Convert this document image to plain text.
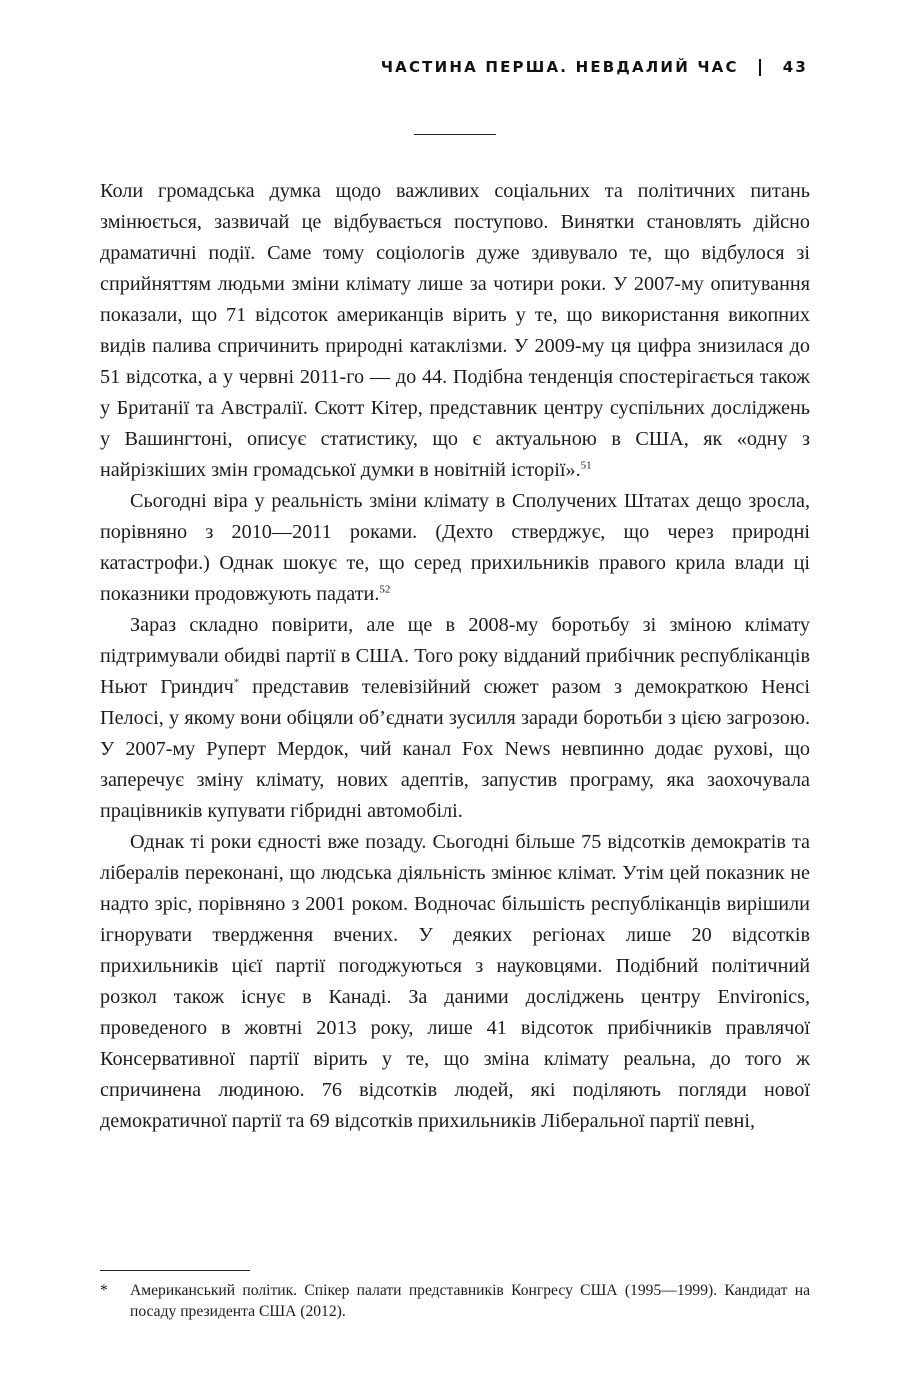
ЧАСТИНА ПЕРША. НЕВДАЛИЙ ЧАС	43

Коли громадська думка щодо важливих соціальних та політичних питань змінюється, зазвичай це відбувається поступово. Винятки становлять дійсно драматичні події. Саме тому соціологів дуже здивувало те, що відбулося зі сприйняттям людьми зміни клімату лише за чотири роки. У 2007-му опитування показали, що 71 відсоток американців вірить у те, що використання викопних видів палива спричинить природні катаклізми. У 2009-му ця цифра знизилася до 51 відсотка, а у червні 2011-го — до 44. Подібна тенденція спостерігається також у Британії та Австралії. Скотт Кітер, представник центру суспільних досліджень у Вашингтоні, описує статистику, що є актуальною в США, як «одну з найрізкіших змін громадської думки в новітній історії».$^{51}$

Сьогодні віра у реальність зміни клімату в Сполучених Штатах дещо зросла, порівняно з 2010—2011 роками. (Дехто стверджує, що через природні катастрофи.) Однак шокує те, що серед прихильників правого крила влади ці показники продовжують падати.$^{52}$

Зараз складно повірити, але ще в 2008-му боротьбу зі зміною клімату підтримували обидві партії в США. Того року відданий прибічник республіканців Ньют Гриндич* представив телевізійний сюжет разом з демократкою Ненсі Пелосі, у якому вони обіцяли об’єднати зусилля заради боротьби з цією загрозою. У 2007-му Руперт Мердок, чий канал Fox News невпинно додає рухові, що заперечує зміну клімату, нових адептів, запустив програму, яка заохочувала працівників купувати гібридні автомобілі.

Однак ті роки єдності вже позаду. Сьогодні більше 75 відсотків демократів та лібералів переконані, що людська діяльність змінює клімат. Утім цей показник не надто зріс, порівняно з 2001 роком. Водночас більшість республіканців вирішили ігнорувати твердження вчених. У деяких регіонах лише 20 відсотків прихильників цієї партії погоджуються з науковцями. Подібний політичний розкол також існує в Канаді. За даними досліджень центру Environics, проведеного в жовтні 2013 року, лише 41 відсоток прибічників правлячої Консервативної партії вірить у те, що зміна клімату реальна, до того ж спричинена людиною. 76 відсотків людей, які поділяють погляди нової демократичної партії та 69 відсотків прихильників Ліберальної партії певні,

* Американський політик. Спікер палати представників Конгресу США (1995—1999). Кандидат на посаду президента США (2012).
